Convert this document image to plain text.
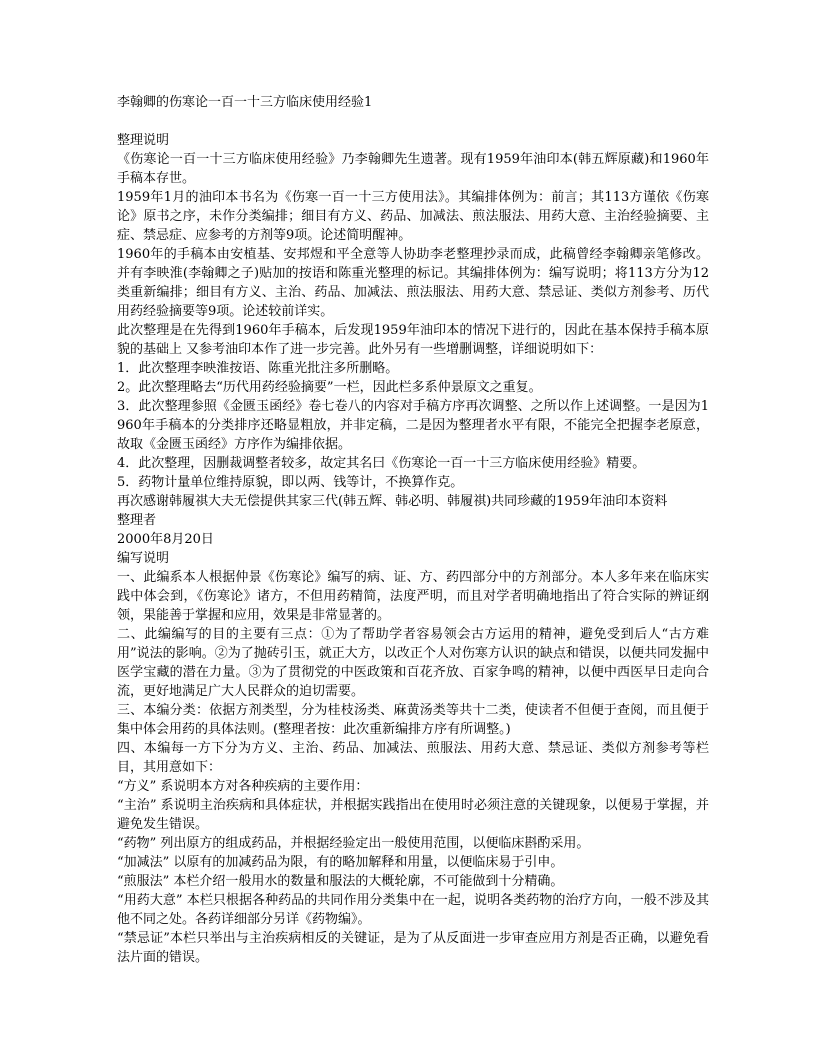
李翰卿的伤寒论一百一十三方临床使用经验1

整理说明

《伤寒论一百一十三方临床使用经验》乃李翰卿先生遗著。现有1959年油印本(韩五辉原藏)和1960年手稿本存世。

1959年1月的油印本书名为《伤寒一百一十三方使用法》。其编排体例为：前言；其113方谨依《伤寒论》原书之序，未作分类编排；细目有方义、药品、加减法、煎法服法、用药大意、主治经验摘要、主症、禁忌症、应参考的方剂等9项。论述简明醒神。

1960年的手稿本由安植基、安邦煜和平全意等人协助李老整理抄录而成，此稿曾经李翰卿亲笔修改。并有李映淮(李翰卿之子)贴加的按语和陈重光整理的标记。其编排体例为：编写说明；将113方分为12类重新编排；细目有方义、主治、药品、加减法、煎法服法、用药大意、禁忌证、类似方剂参考、历代用药经验摘要等9项。论述较前详实。

此次整理是在先得到1960年手稿本，后发现1959年油印本的情况下进行的，因此在基本保持手稿本原貌的基础上 又参考油印本作了进一步完善。此外另有一些增删调整，详细说明如下：

1．此次整理李映淮按语、陈重光批注多所删略。

2。此次整理略去“历代用药经验摘要”一栏，因此栏多系仲景原文之重复。

3．此次整理参照《金匮玉函经》卷七卷八的内容对手稿方序再次调整、之所以作上述调整。一是因为1960年手稿本的分类排序还略显粗放，并非定稿，二是因为整理者水平有限，不能完全把握李老原意，故取《金匮玉函经》方序作为编排依据。

4．此次整理，因删裁调整者较多，故定其名曰《伤寒论一百一十三方临床使用经验》精要。

5．药物计量单位维持原貌，即以两、钱等计，不换算作克。

再次感谢韩履祺大夫无偿提供其家三代(韩五辉、韩必明、韩履祺)共同珍藏的1959年油印本资料

整理者

2000年8月20日

编写说明

一、此编系本人根据仲景《伤寒论》编写的病、证、方、药四部分中的方剂部分。本人多年来在临床实践中体会到，《伤寒论》诸方，不但用药精简，法度严明，而且对学者明确地指出了符合实际的辨证纲领，果能善于掌握和应用，效果是非常显著的。

二、此编编写的目的主要有三点：①为了帮助学者容易领会古方运用的精神，避免受到后人“古方难用”说法的影响。②为了抛砖引玉，就正大方，以改正个人对伤寒方认识的缺点和错误，以便共同发掘中医学宝藏的潜在力量。③为了贯彻党的中医政策和百花齐放、百家争鸣的精神，以便中西医早日走向合流，更好地满足广大人民群众的迫切需要。

三、本编分类：依据方剂类型，分为桂枝汤类、麻黄汤类等共十二类，使读者不但便于查阅，而且便于集中体会用药的具体法则。(整理者按：此次重新编排方序有所调整。)

四、本编每一方下分为方义、主治、药品、加减法、煎服法、用药大意、禁忌证、类似方剂参考等栏目，其用意如下：

“方义” 系说明本方对各种疾病的主要作用：

“主治” 系说明主治疾病和具体症状，并根据实践指出在使用时必须注意的关键现象，以便易于掌握，并避免发生错误。

“药物” 列出原方的组成药品，并根据经验定出一般使用范围，以便临床斟酌采用。

“加减法” 以原有的加减药品为限，有的略加解释和用量，以便临床易于引申。

“煎服法” 本栏介绍一般用水的数量和服法的大概轮廓，不可能做到十分精确。

“用药大意” 本栏只根据各种药品的共同作用分类集中在一起，说明各类药物的治疗方向，一般不涉及其他不同之处。各药详细部分另详《药物编》。

“禁忌证”本栏只举出与主治疾病相反的关键证，是为了从反面进一步审查应用方剂是否正确，以避免看法片面的错误。
